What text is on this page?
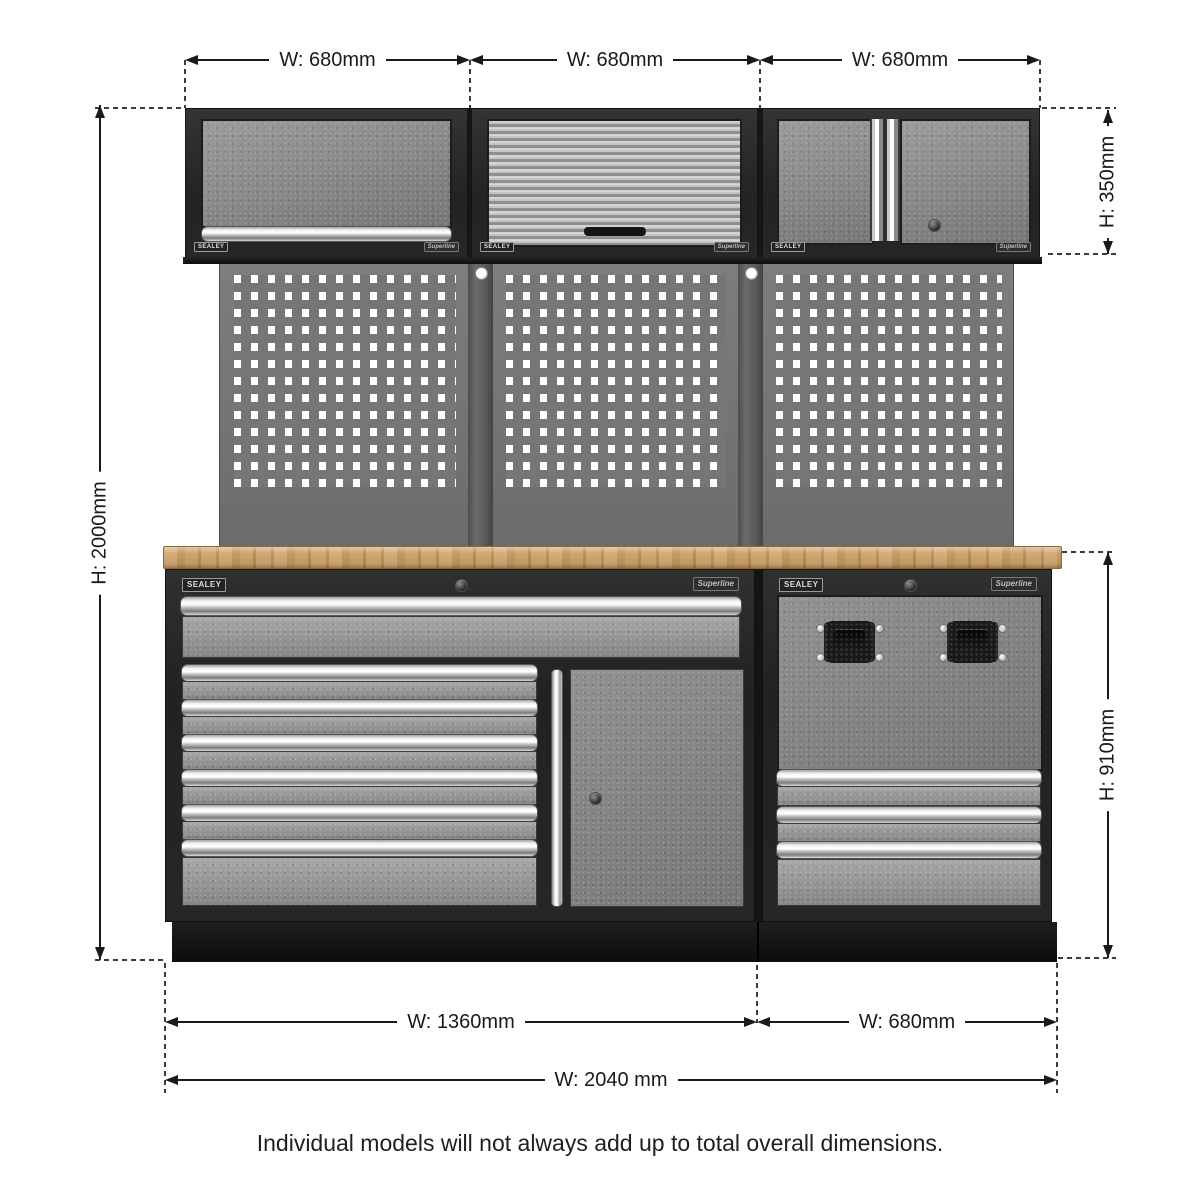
W: 680mm	W: 680mm	W: 680mm
SEALEY	Superline	SEALEY	Superline	SEALEY	Superline
H: 350mm
SEALEY	Superline	SEALEY	Superline
H: 2000mm
H: 910mm
W: 1360mm	W: 680mm
W: 2040 mm
Individual models will not always add up to total overall dimensions.
